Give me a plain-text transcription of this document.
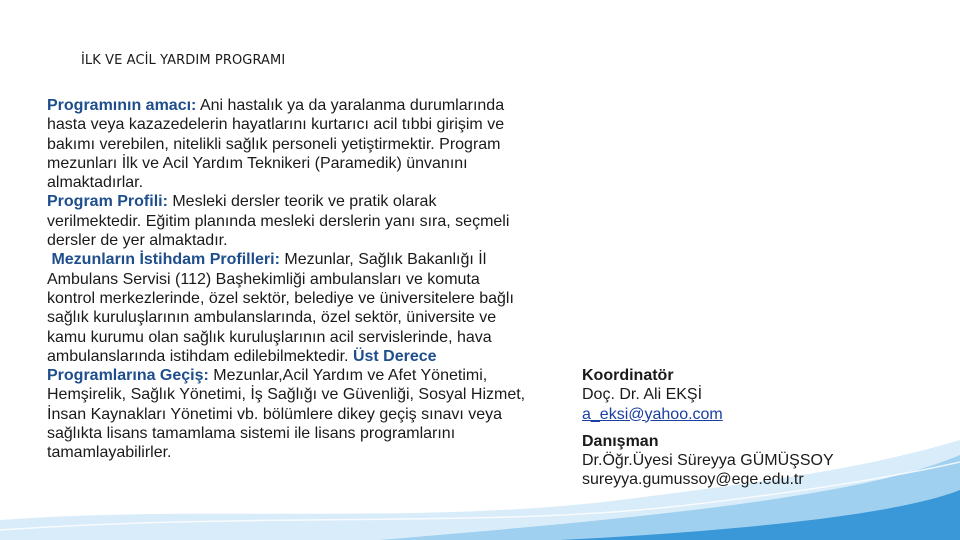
İLK VE ACİL YARDIM PROGRAMI
Programının amacı: Ani hastalık ya da yaralanma durumlarında hasta veya kazazedelerin hayatlarını kurtarıcı acil tıbbi girişim ve bakımı verebilen, nitelikli sağlık personeli yetiştirmektir. Program mezunları İlk ve Acil Yardım Teknikeri (Paramedik) ünvanını almaktadırlar.
Program Profili: Mesleki dersler teorik ve pratik olarak verilmektedir. Eğitim planında mesleki derslerin yanı sıra, seçmeli dersler de yer almaktadır.
Mezunların İstihdam Profilleri: Mezunlar, Sağlık Bakanlığı İl Ambulans Servisi (112) Başhekimliği ambulansları ve komuta kontrol merkezlerinde, özel sektör, belediye ve üniversitelere bağlı sağlık kuruluşlarının ambulanslarında, özel sektör, üniversite ve kamu kurumu olan sağlık kuruluşlarının acil servislerinde, hava ambulanslarında istihdam edilebilmektedir. Üst Derece Programlarına Geçiş: Mezunlar,Acil Yardım ve Afet Yönetimi, Hemşirelik, Sağlık Yönetimi, İş Sağlığı ve Güvenliği, Sosyal Hizmet, İnsan Kaynakları Yönetimi vb. bölümlere dikey geçiş sınavı veya sağlıkta lisans tamamlama sistemi ile lisans programlarını tamamlayabilirler.
Koordinatör
Doç. Dr. Ali EKŞİ
a_eksi@yahoo.com
Danışman
Dr.Öğr.Üyesi Süreyya GÜMÜŞSOY
sureyya.gumussoy@ege.edu.tr
